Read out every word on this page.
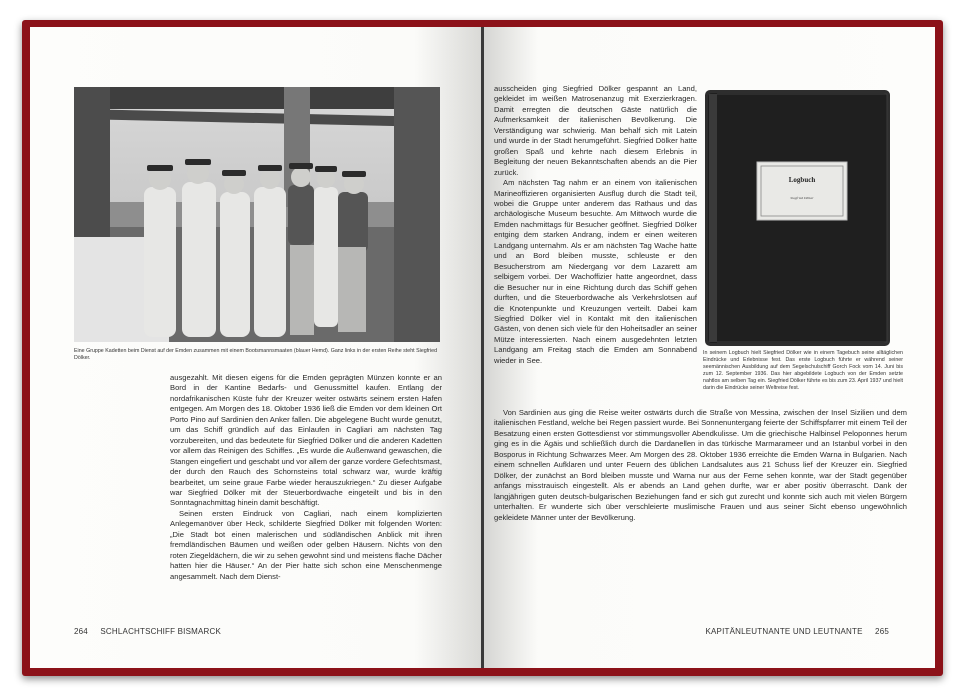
Eine Gruppe Kadetten beim Dienst auf der Emden zusammen mit einem Bootsmannsmaaten (blauer Hemd). Ganz links in der ersten Reihe steht Siegfried Dölker.

ausgezahlt. Mit diesen eigens für die Emden geprägten Münzen konnte er an Bord in der Kantine Bedarfs- und Genussmittel kaufen. Entlang der nordafrikanischen Küste fuhr der Kreuzer weiter ostwärts seinem ersten Hafen entgegen. Am Morgen des 18. Oktober 1936 ließ die Emden vor dem kleinen Ort Porto Pino auf Sardinien den Anker fallen. Die abgelegene Bucht wurde genutzt, um das Schiff gründlich auf das Einlaufen in Cagliari am nächsten Tag vorzubereiten, und das bedeutete für Siegfried Dölker und die anderen Kadetten vor allem das Reinigen des Schiffes. „Es wurde die Außenwand gewaschen, die Stangen eingefiert und geschabt und vor allem der ganze vordere Gefechtsmast, der durch den Rauch des Schornsteins total schwarz war, wurde kräftig bearbeitet, um seine graue Farbe wieder herauszukriegen.“ Zu dieser Aufgabe war Siegfried Dölker mit der Steuerbordwache eingeteilt und bis in den Sonntagnachmittag hinein damit beschäftigt.

Seinen ersten Eindruck von Cagliari, nach einem komplizierten Anlegemanöver über Heck, schilderte Siegfried Dölker mit folgenden Worten: „Die Stadt bot einen malerischen und südländischen Anblick mit ihren fremdländischen Bäumen und weißen oder gelben Häusern. Nichts von den roten Ziegeldächern, die wir zu sehen gewohnt sind und meistens flache Dächer hatten hier die Häuser.“ An der Pier hatte sich schon eine Menschenmenge angesammelt. Nach dem Dienst-

264 SCHLACHTSCHIFF BISMARCK

ausscheiden ging Siegfried Dölker gespannt an Land, gekleidet im weißen Matrosenanzug mit Exerzierkragen. Damit erregten die deutschen Gäste natürlich die Aufmerksamkeit der italienischen Bevölkerung. Die Verständigung war schwierig. Man behalf sich mit Latein und wurde in der Stadt herumgeführt. Siegfried Dölker hatte großen Spaß und kehrte nach diesem Erlebnis in Begleitung der neuen Bekanntschaften abends an die Pier zurück.

Am nächsten Tag nahm er an einem von italienischen Marineoffizieren organisierten Ausflug durch die Stadt teil, wobei die Gruppe unter anderem das Rathaus und das archäologische Museum besuchte. Am Mittwoch wurde die Emden nachmittags für Besucher geöffnet. Siegfried Dölker entging dem starken Andrang, indem er einen weiteren Landgang unternahm. Als er am nächsten Tag Wache hatte und an Bord bleiben musste, schleuste er den Besucherstrom am Niedergang vor dem Lazarett am selbigem vorbei. Der Wachoffizier hatte angeordnet, dass die Besucher nur in eine Richtung durch das Schiff gehen durften, und die Steuerbordwache als Verkehrslotsen auf die Knotenpunkte und Kreuzungen verteilt. Dabei kam Siegfried Dölker viel in Kontakt mit den italienischen Gästen, von denen sich viele für den Hoheitsadler an seiner Mütze interessierten. Nach einem ausgedehnten letzten Landgang am Freitag stach die Emden am Sonnabend wieder in See.

Logbuch
Siegfried Dölker

In seinem Logbuch hielt Siegfried Dölker wie in einem Tagebuch seine alltäglichen Eindrücke und Erlebnisse fest. Das erste Logbuch führte er während seiner seemännischen Ausbildung auf dem Segelschulschiff Gorch Fock vom 14. Juni bis zum 12. September 1936. Das hier abgebildete Logbuch von der Emden setzte nahtlos am selben Tag ein. Siegfried Dölker führte es bis zum 23. April 1937 und hielt darin die Eindrücke seiner Weltreise fest.

Von Sardinien aus ging die Reise weiter ostwärts durch die Straße von Messina, zwischen der Insel Sizilien und dem italienischen Festland, welche bei Regen passiert wurde. Bei Sonnenuntergang feierte der Schiffspfarrer mit einem Teil der Besatzung einen ersten Gottesdienst vor stimmungsvoller Abendkulisse. Um die griechische Halbinsel Peloponnes herum ging es in die Ägäis und schließlich durch die Dardanellen in das türkische Marmarameer und an Istanbul vorbei in den Bosporus in Richtung Schwarzes Meer. Am Morgen des 28. Oktober 1936 erreichte die Emden Warna in Bulgarien. Nach einem schnellen Aufklaren und unter Feuern des üblichen Landsalutes aus 21 Schuss lief der Kreuzer ein. Siegfried Dölker, der zunächst an Bord bleiben musste und Warna nur aus der Ferne sehen konnte, war der Stadt gegenüber anfangs misstrauisch eingestellt. Als er abends an Land gehen durfte, war er aber positiv überrascht. Dank der langjährigen guten deutsch-bulgarischen Beziehungen fand er sich gut zurecht und konnte sich auch mit vielen Bürgern unterhalten. Er wunderte sich über verschleierte muslimische Frauen und aus seiner Sicht ebenso ungewöhnlich gekleidete Männer unter der Bevölkerung.

KAPITÄNLEUTNANTE UND LEUTNANTE 265
